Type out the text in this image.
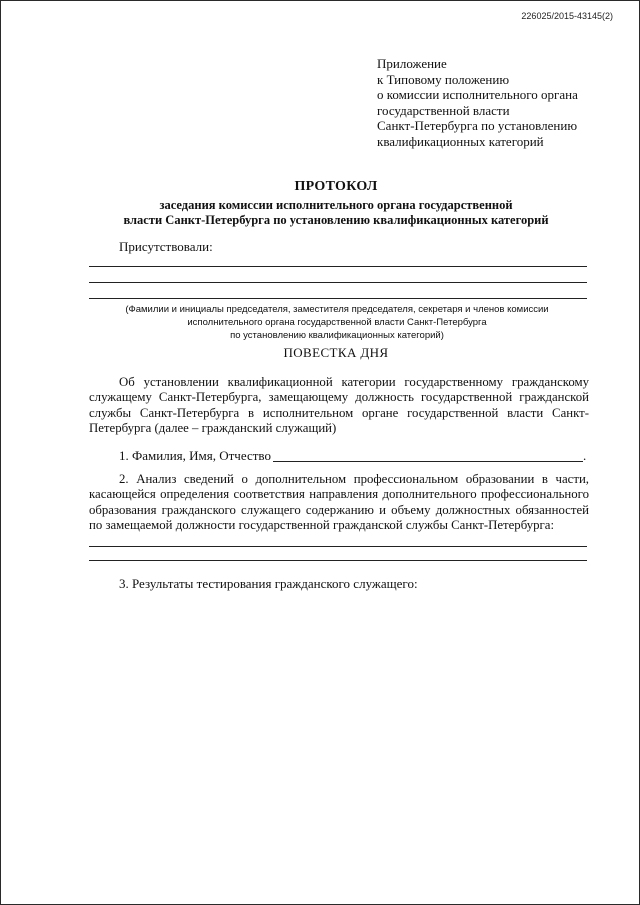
226025/2015-43145(2)
Приложение
к Типовому положению
о комиссии исполнительного органа
государственной власти
Санкт-Петербурга по установлению
квалификационных категорий
ПРОТОКОЛ
заседания комиссии исполнительного органа государственной
власти Санкт-Петербурга по установлению квалификационных категорий
Присутствовали:
(Фамилии и инициалы председателя, заместителя председателя, секретаря и членов комиссии
исполнительного органа государственной власти Санкт-Петербурга
по установлению квалификационных категорий)
ПОВЕСТКА ДНЯ
Об установлении квалификационной категории государственному гражданскому служащему Санкт-Петербурга, замещающему должность государственной гражданской службы Санкт-Петербурга в исполнительном органе государственной власти Санкт-Петербурга (далее – гражданский служащий)
1. Фамилия, Имя, Отчество	.
2. Анализ сведений о дополнительном профессиональном образовании в части, касающейся определения соответствия направления дополнительного профессионального образования гражданского служащего содержанию и объему должностных обязанностей по замещаемой должности государственной гражданской службы Санкт-Петербурга:
3. Результаты тестирования гражданского служащего:
